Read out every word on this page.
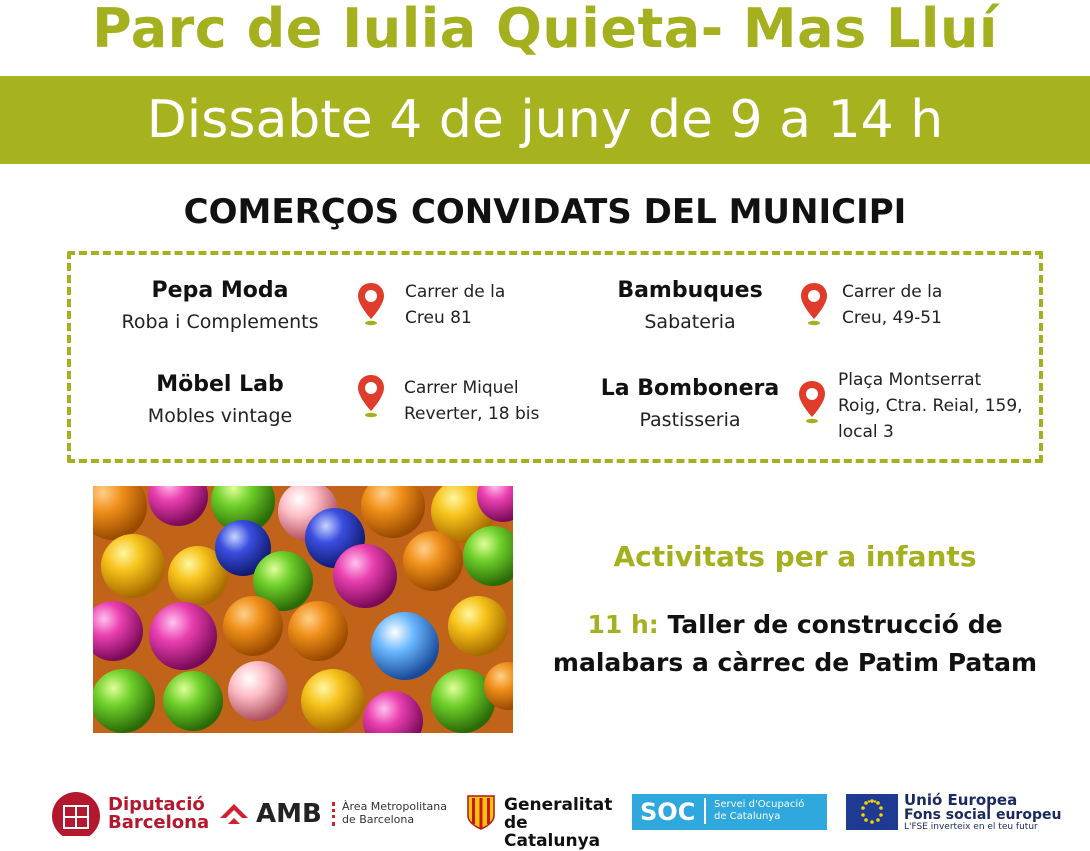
Parc de Iulia Quieta- Mas Lluí
Dissabte 4 de juny de 9 a 14 h
COMERÇOS CONVIDATS DEL MUNICIPI
Pepa Moda
Roba i Complements
Carrer de la
Creu 81
Bambuques
Sabateria
Carrer de la
Creu, 49-51
Möbel Lab
Mobles vintage
Carrer Miquel
Reverter, 18 bis
La Bombonera
Pastisseria
Plaça Montserrat
Roig, Ctra. Reial, 159,
local 3
Activitats per a infants
11 h: Taller de construcció de
malabars a càrrec de Patim Patam
Diputació
Barcelona AMB Àrea Metropolitana
de Barcelona
Generalitat
de Catalunya
SOC Servei d'Ocupació
de Catalunya
Unió Europea
Fons social europeu
L'FSE inverteix en el teu futur
